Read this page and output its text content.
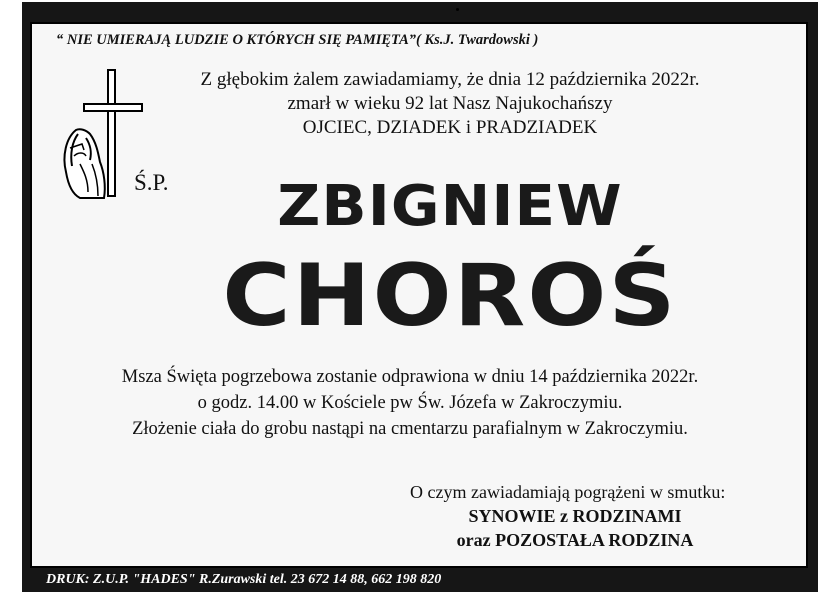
“ NIE UMIERAJĄ LUDZIE O KTÓRYCH SIĘ PAMIĘTA”( Ks.J. Twardowski )
Ś.P.
Z głębokim żalem zawiadamiamy, że dnia 12 października 2022r.
zmarł w wieku 92 lat Nasz Najukochańszy
OJCIEC, DZIADEK i PRADZIADEK
ZBIGNIEW
CHOROŚ
Msza Święta pogrzebowa zostanie odprawiona w dniu 14 października 2022r.
o godz. 14.00 w Kościele pw Św. Józefa w Zakroczymiu.
Złożenie ciała do grobu nastąpi na cmentarzu parafialnym w Zakroczymiu.
O czym zawiadamiają pogrążeni w smutku:
SYNOWIE z RODZINAMI
oraz POZOSTAŁA RODZINA
DRUK: Z.U.P. "HADES" R.Zurawski tel. 23 672 14 88, 662 198 820
